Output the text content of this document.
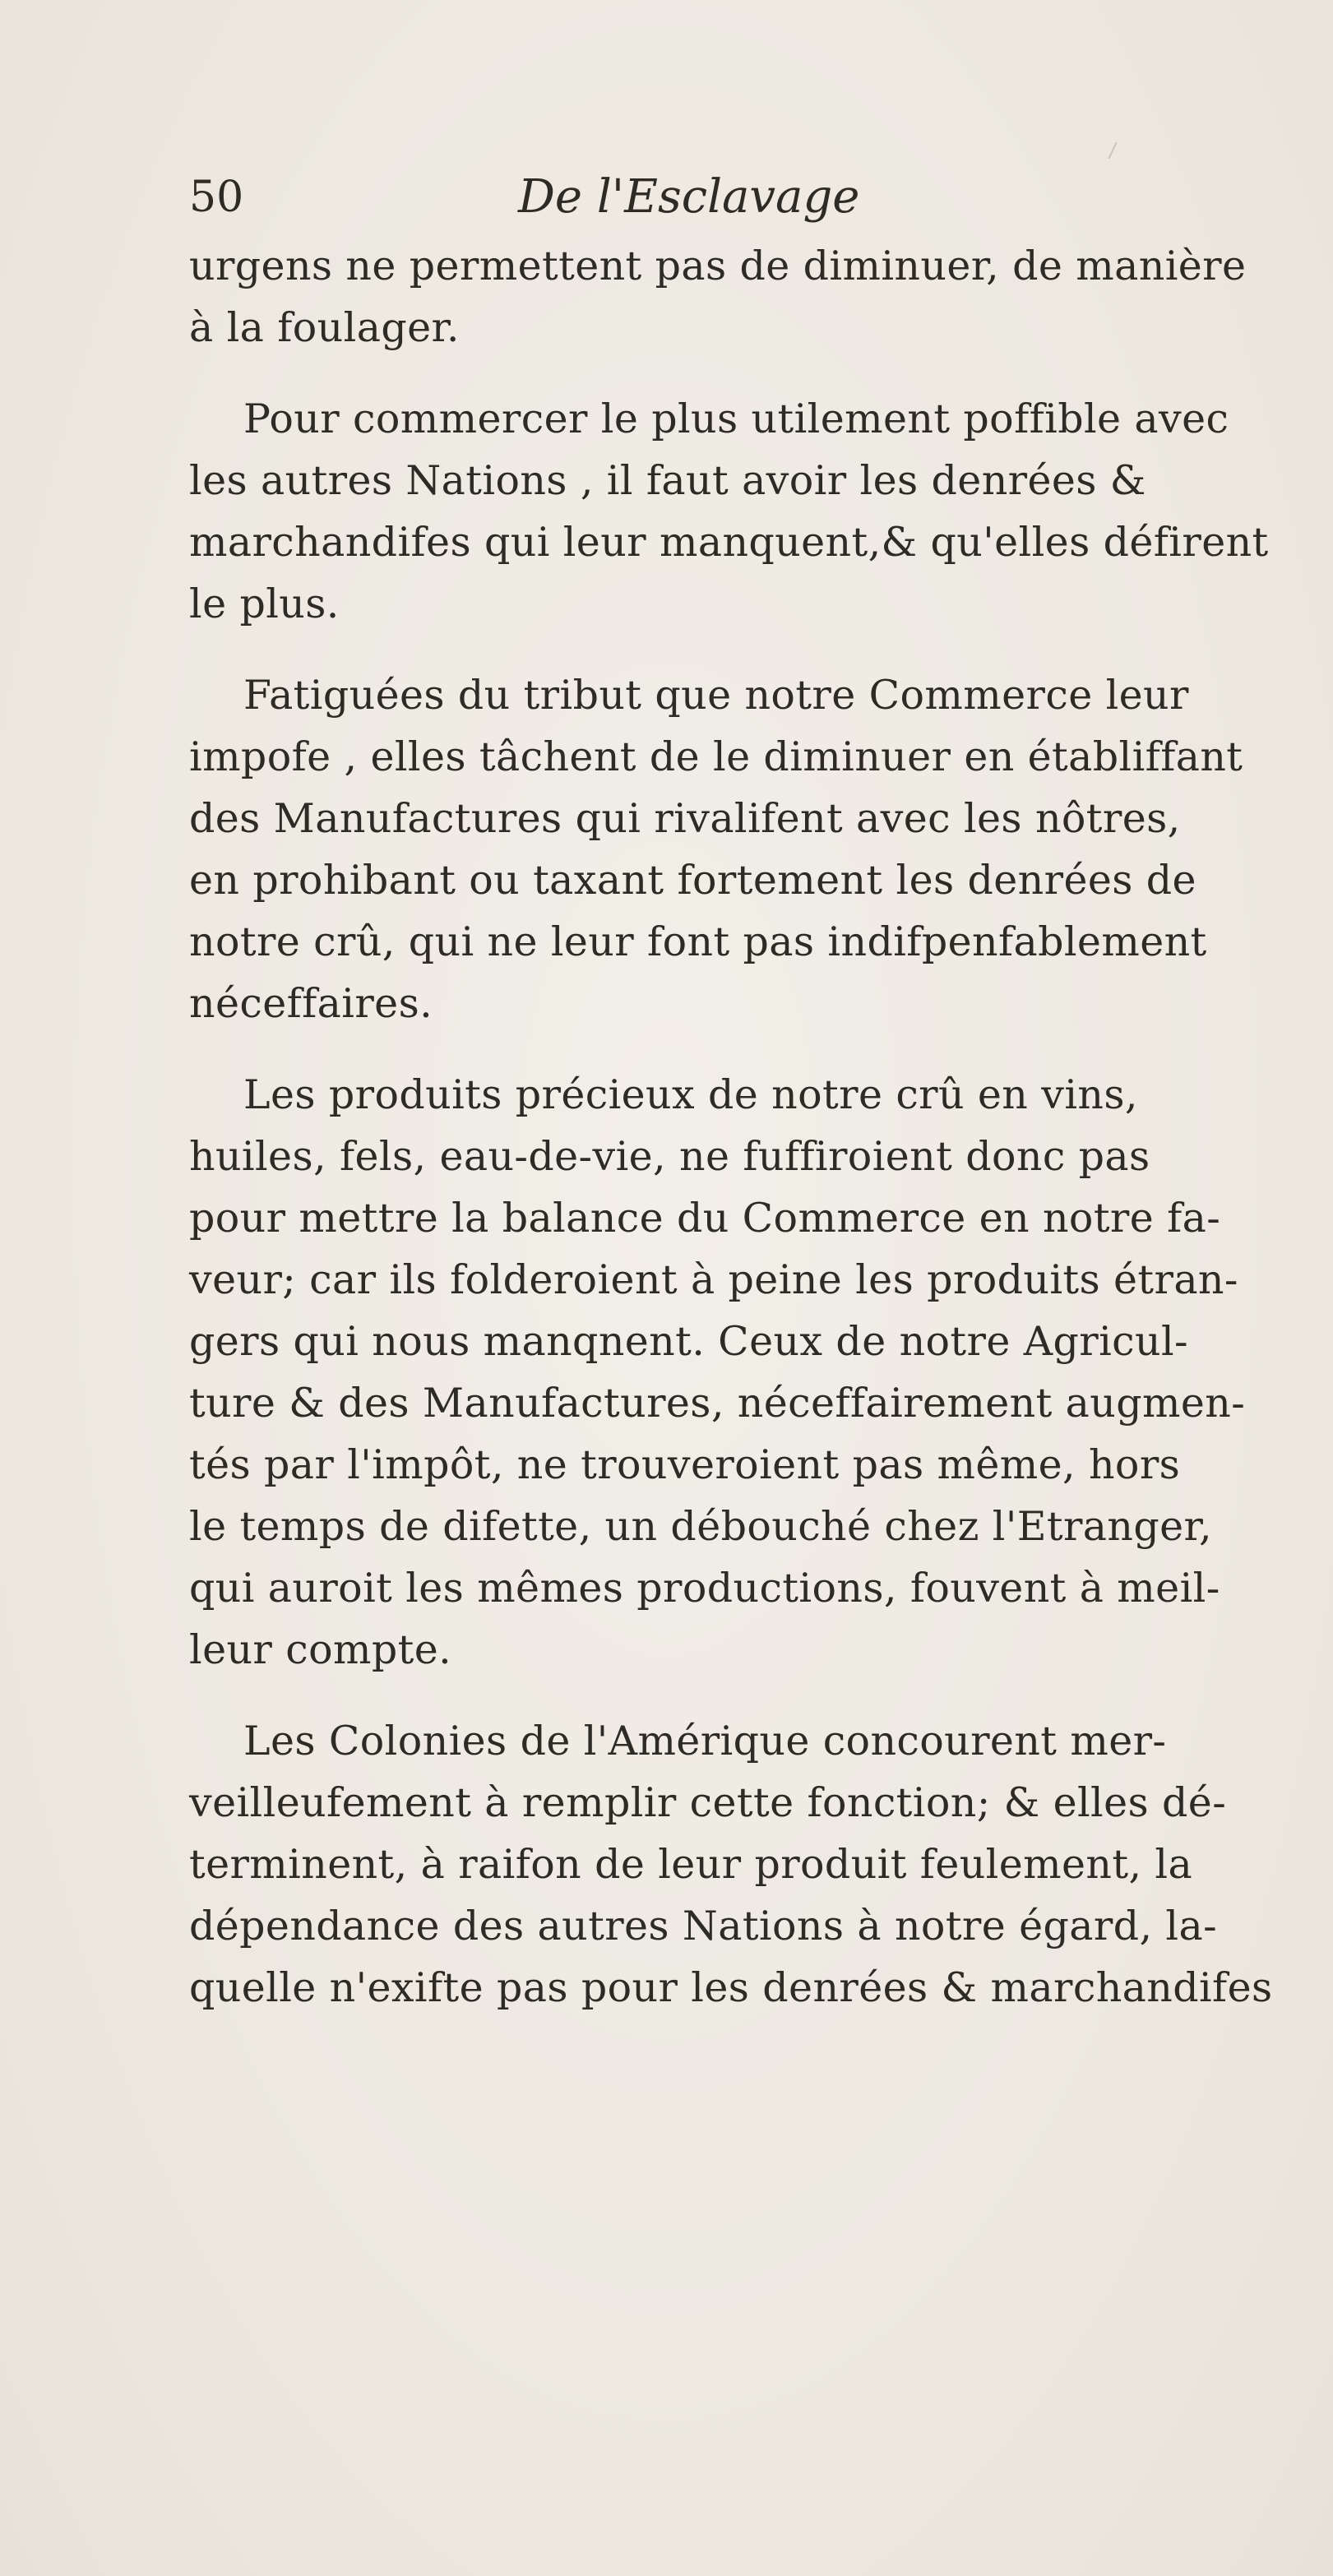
50	De l'Esclavage
urgens ne permettent pas de diminuer, de manière
à la foulager.
Pour commercer le plus utilement poffible avec
les autres Nations , il faut avoir les denrées &
marchandifes qui leur manquent,& qu'elles défirent
le plus.
Fatiguées du tribut que notre Commerce leur
impofe , elles tâchent de le diminuer en établiffant
des Manufactures qui rivalifent avec les nôtres,
en prohibant ou taxant fortement les denrées de
notre crû, qui ne leur font pas indifpenfablement
néceffaires.
Les produits précieux de notre crû en vins,
huiles, fels, eau-de-vie, ne fuffiroient donc pas
pour mettre la balance du Commerce en notre fa-
veur; car ils folderoient à peine les produits étran-
gers qui nous manqnent. Ceux de notre Agricul-
ture & des Manufactures, néceffairement augmen-
tés par l'impôt, ne trouveroient pas même, hors
le temps de difette, un débouché chez l'Etranger,
qui auroit les mêmes productions, fouvent à meil-
leur compte.
Les Colonies de l'Amérique concourent mer-
veilleufement à remplir cette fonction; & elles dé-
terminent, à raifon de leur produit feulement, la
dépendance des autres Nations à notre égard, la-
quelle n'exifte pas pour les denrées & marchandifes
